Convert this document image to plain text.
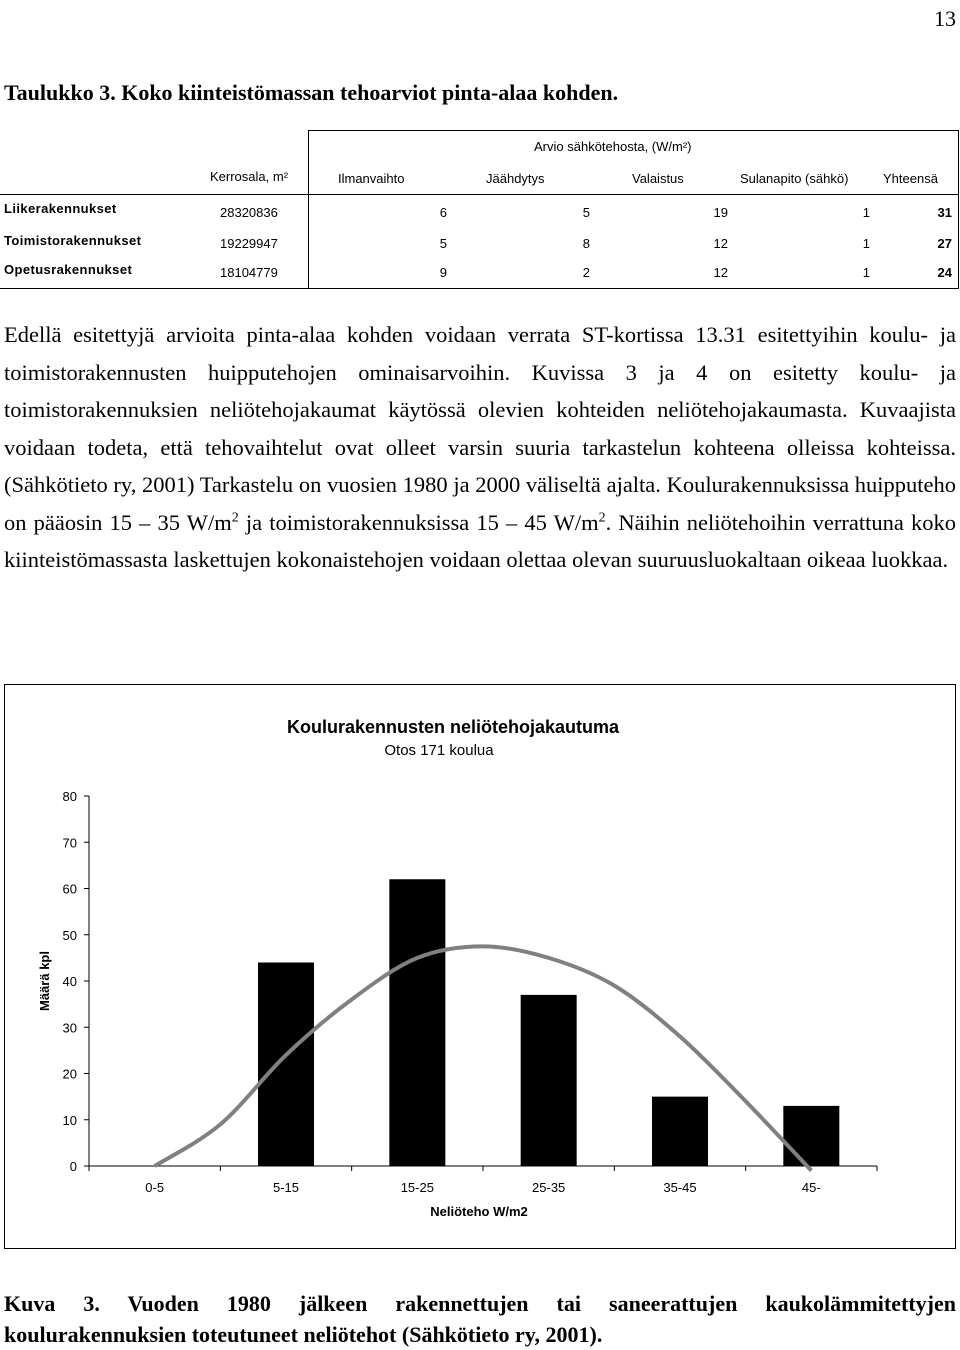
13
Taulukko 3. Koko kiinteistömassan tehoarviot pinta-alaa kohden.
Arvio sähkötehosta, (W/m²)
Kerrosala, m²	Ilmanvaihto	Jäähdytys	Valaistus	Sulanapito (sähkö)	Yhteensä
Liikerakennukset	28320836	6	5	19	1	31
Toimistorakennukset	19229947	5	8	12	1	27
Opetusrakennukset	18104779	9	2	12	1	24

Edellä esitettyjä arvioita pinta-alaa kohden voidaan verrata ST-kortissa 13.31 esitettyihin koulu- ja toimistorakennusten huipputehojen ominaisarvoihin. Kuvissa 3 ja 4 on esitetty koulu- ja toimistorakennuksien neliötehojakaumat käytössä olevien kohteiden neliötehojakaumasta. Kuvaajista voidaan todeta, että tehovaihtelut ovat olleet varsin suuria tarkastelun kohteena olleissa kohteissa. (Sähkötieto ry, 2001) Tarkastelu on vuosien 1980 ja 2000 väliseltä ajalta. Koulurakennuksissa huipputeho on pääosin 15 – 35 $W/m^2$ ja toimistorakennuksissa 15 – 45 $W/m^2$. Näihin neliötehoihin verrattuna koko kiinteistömassasta laskettujen kokonaistehojen voidaan olettaa olevan suuruusluokaltaan oikeaa luokkaa.

Koulurakennusten neliötehojakautuma
Otos 171 koulua
Määrä kpl
Neliöteho W/m2
0
10
20
30
40
50
60
70
80
0-5	5-15	15-25	25-35	35-45	45-

Kuva 3. Vuoden 1980 jälkeen rakennettujen tai saneerattujen kaukolämmitettyjen koulurakennuksien toteutuneet neliötehot (Sähkötieto ry, 2001).
